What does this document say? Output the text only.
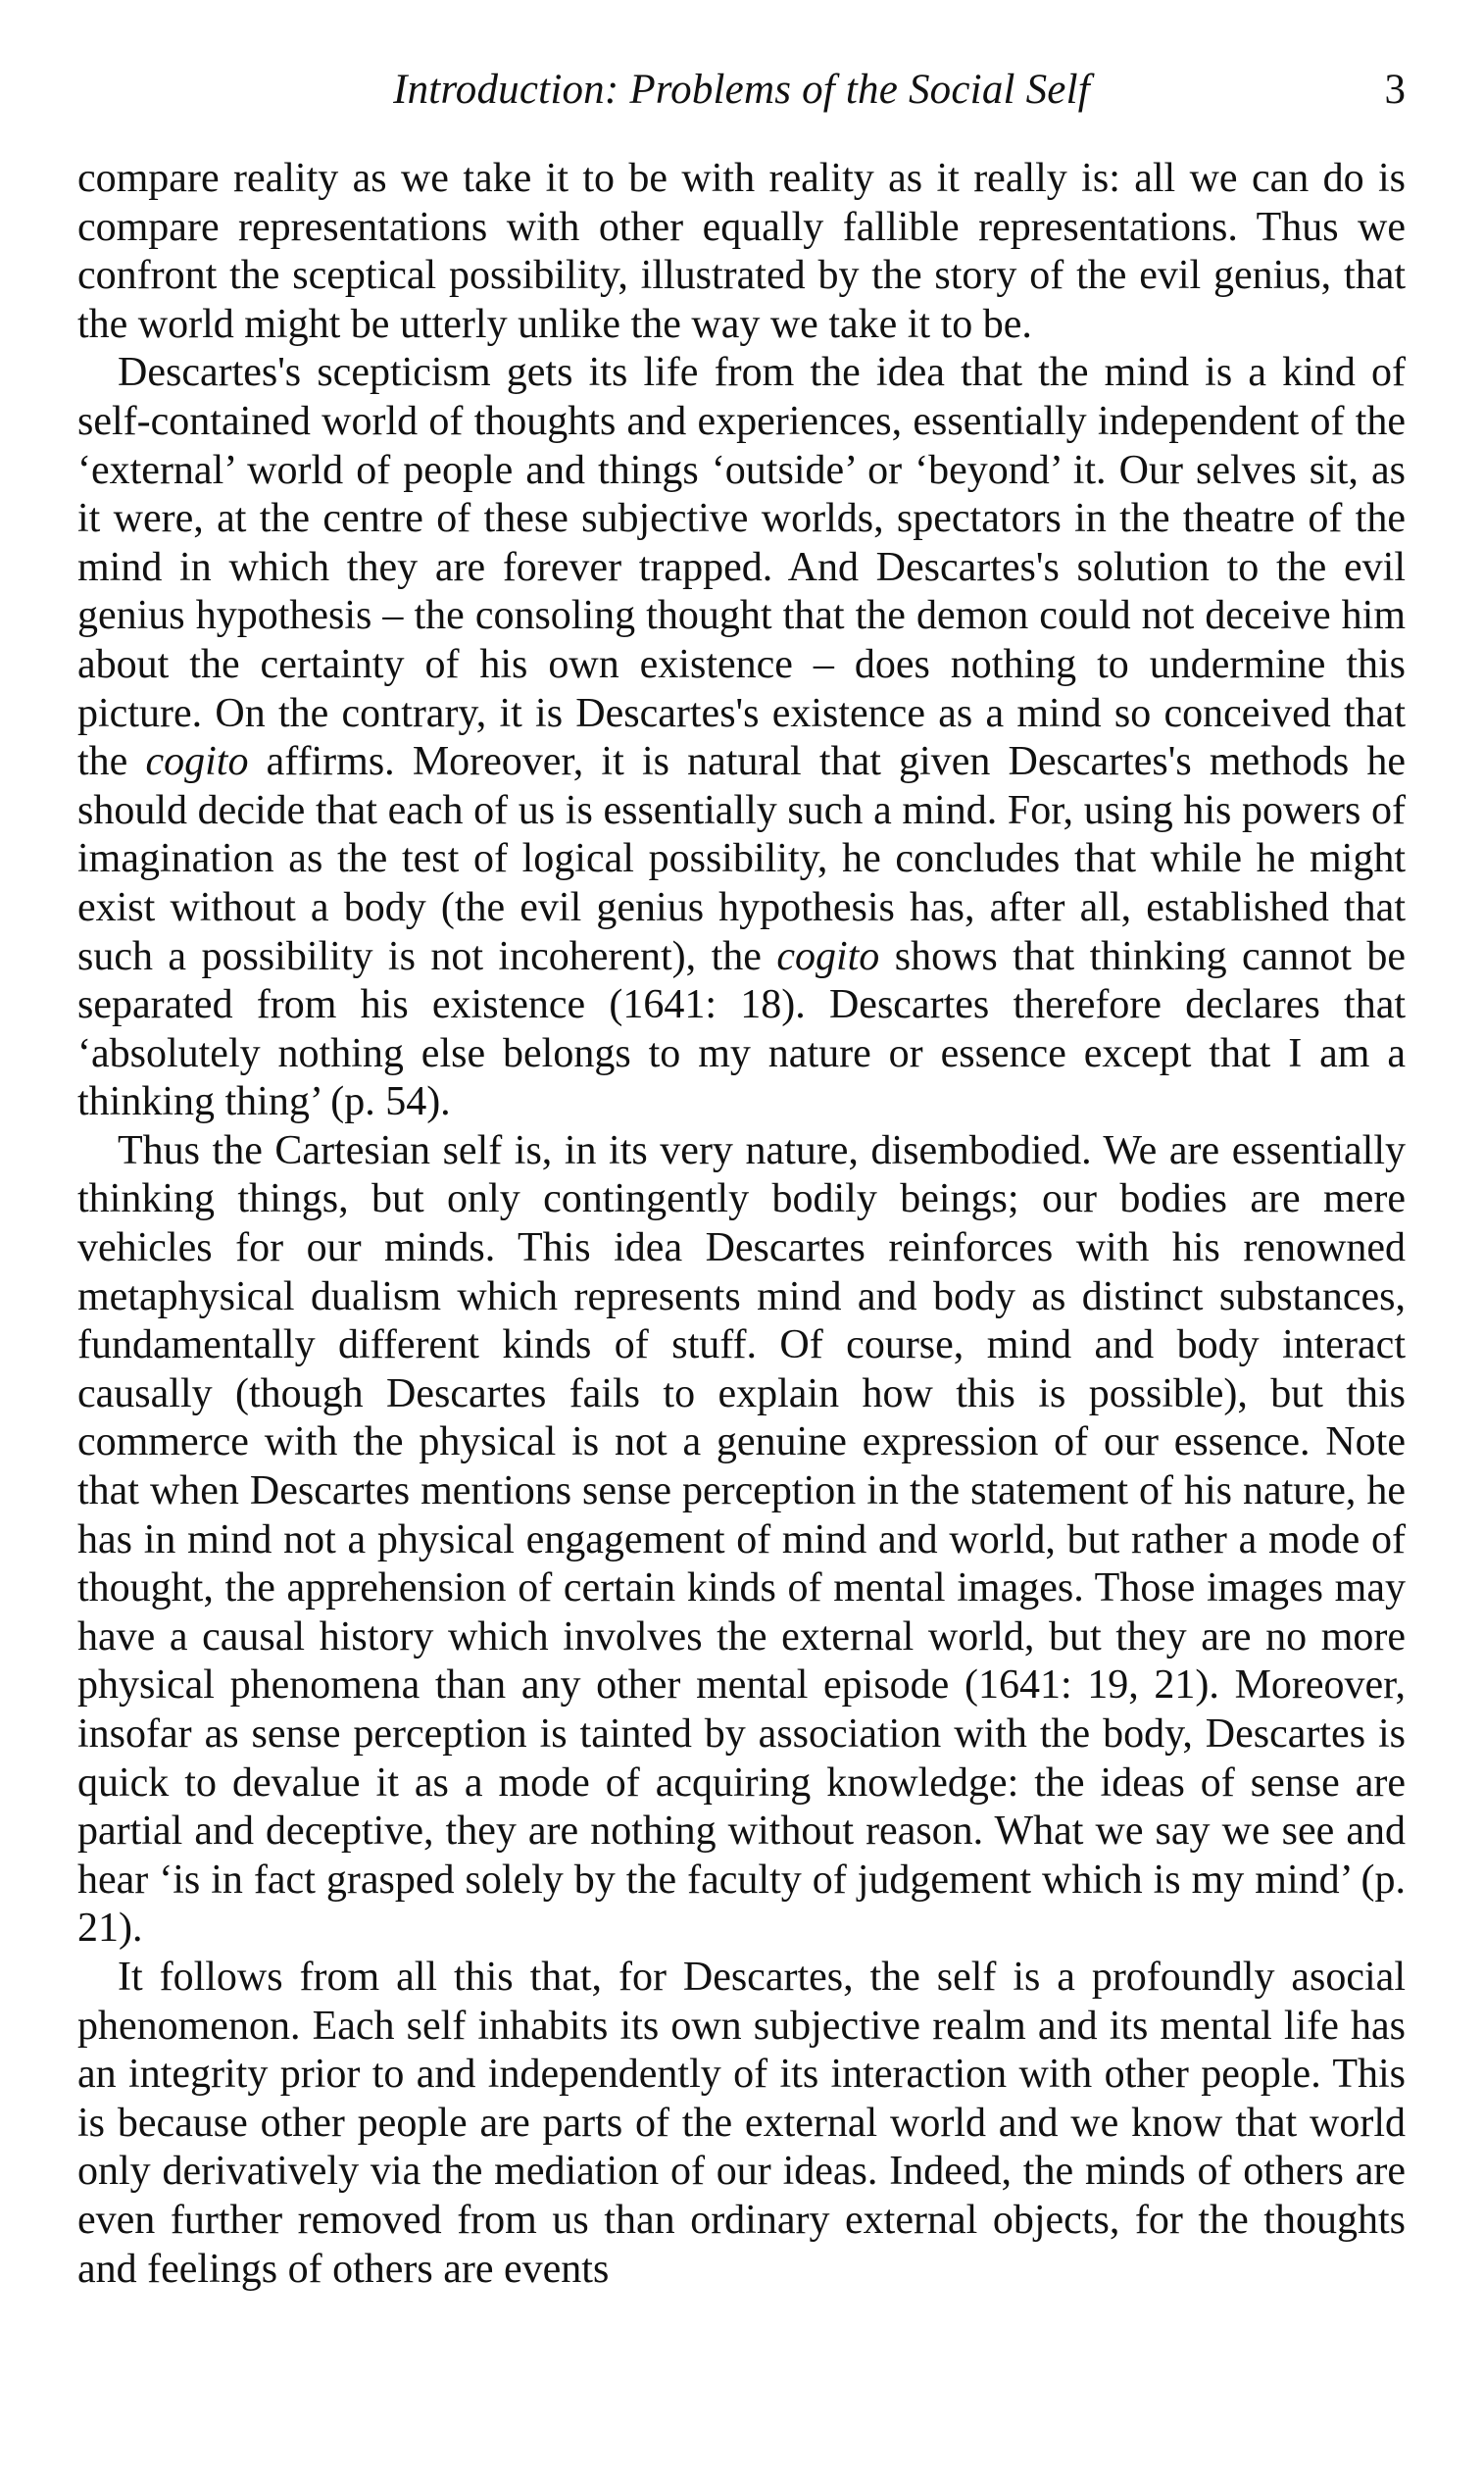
Introduction: Problems of the Social Self	3

compare reality as we take it to be with reality as it really is: all we can do is compare representations with other equally fallible representations. Thus we confront the sceptical possibility, illustrated by the story of the evil genius, that the world might be utterly unlike the way we take it to be.

Descartes's scepticism gets its life from the idea that the mind is a kind of self-contained world of thoughts and experiences, essentially independent of the ‘external’ world of people and things ‘outside’ or ‘beyond’ it. Our selves sit, as it were, at the centre of these subjective worlds, spectators in the theatre of the mind in which they are forever trapped. And Descartes's solution to the evil genius hypothesis – the consoling thought that the demon could not deceive him about the certainty of his own existence – does nothing to undermine this picture. On the contrary, it is Descartes's existence as a mind so conceived that the cogito affirms. Moreover, it is natural that given Descartes's methods he should decide that each of us is essentially such a mind. For, using his powers of imagination as the test of logical possibility, he concludes that while he might exist without a body (the evil genius hypothesis has, after all, established that such a possibility is not incoherent), the cogito shows that thinking cannot be separated from his existence (1641: 18). Descartes therefore declares that ‘absolutely nothing else belongs to my nature or essence except that I am a thinking thing’ (p. 54).

Thus the Cartesian self is, in its very nature, disembodied. We are essentially thinking things, but only contingently bodily beings; our bodies are mere vehicles for our minds. This idea Descartes reinforces with his renowned metaphysical dualism which represents mind and body as distinct substances, fundamentally different kinds of stuff. Of course, mind and body interact causally (though Descartes fails to explain how this is possible), but this commerce with the physical is not a genuine expression of our essence. Note that when Descartes mentions sense perception in the statement of his nature, he has in mind not a physical engagement of mind and world, but rather a mode of thought, the apprehension of certain kinds of mental images. Those images may have a causal history which involves the external world, but they are no more physical phenomena than any other mental episode (1641: 19, 21). Moreover, insofar as sense perception is tainted by association with the body, Descartes is quick to devalue it as a mode of acquiring knowledge: the ideas of sense are partial and deceptive, they are nothing without reason. What we say we see and hear ‘is in fact grasped solely by the faculty of judgement which is my mind’ (p. 21).

It follows from all this that, for Descartes, the self is a profoundly asocial phenomenon. Each self inhabits its own subjective realm and its mental life has an integrity prior to and independently of its interaction with other people. This is because other people are parts of the external world and we know that world only derivatively via the mediation of our ideas. Indeed, the minds of others are even further removed from us than ordinary external objects, for the thoughts and feelings of others are events
